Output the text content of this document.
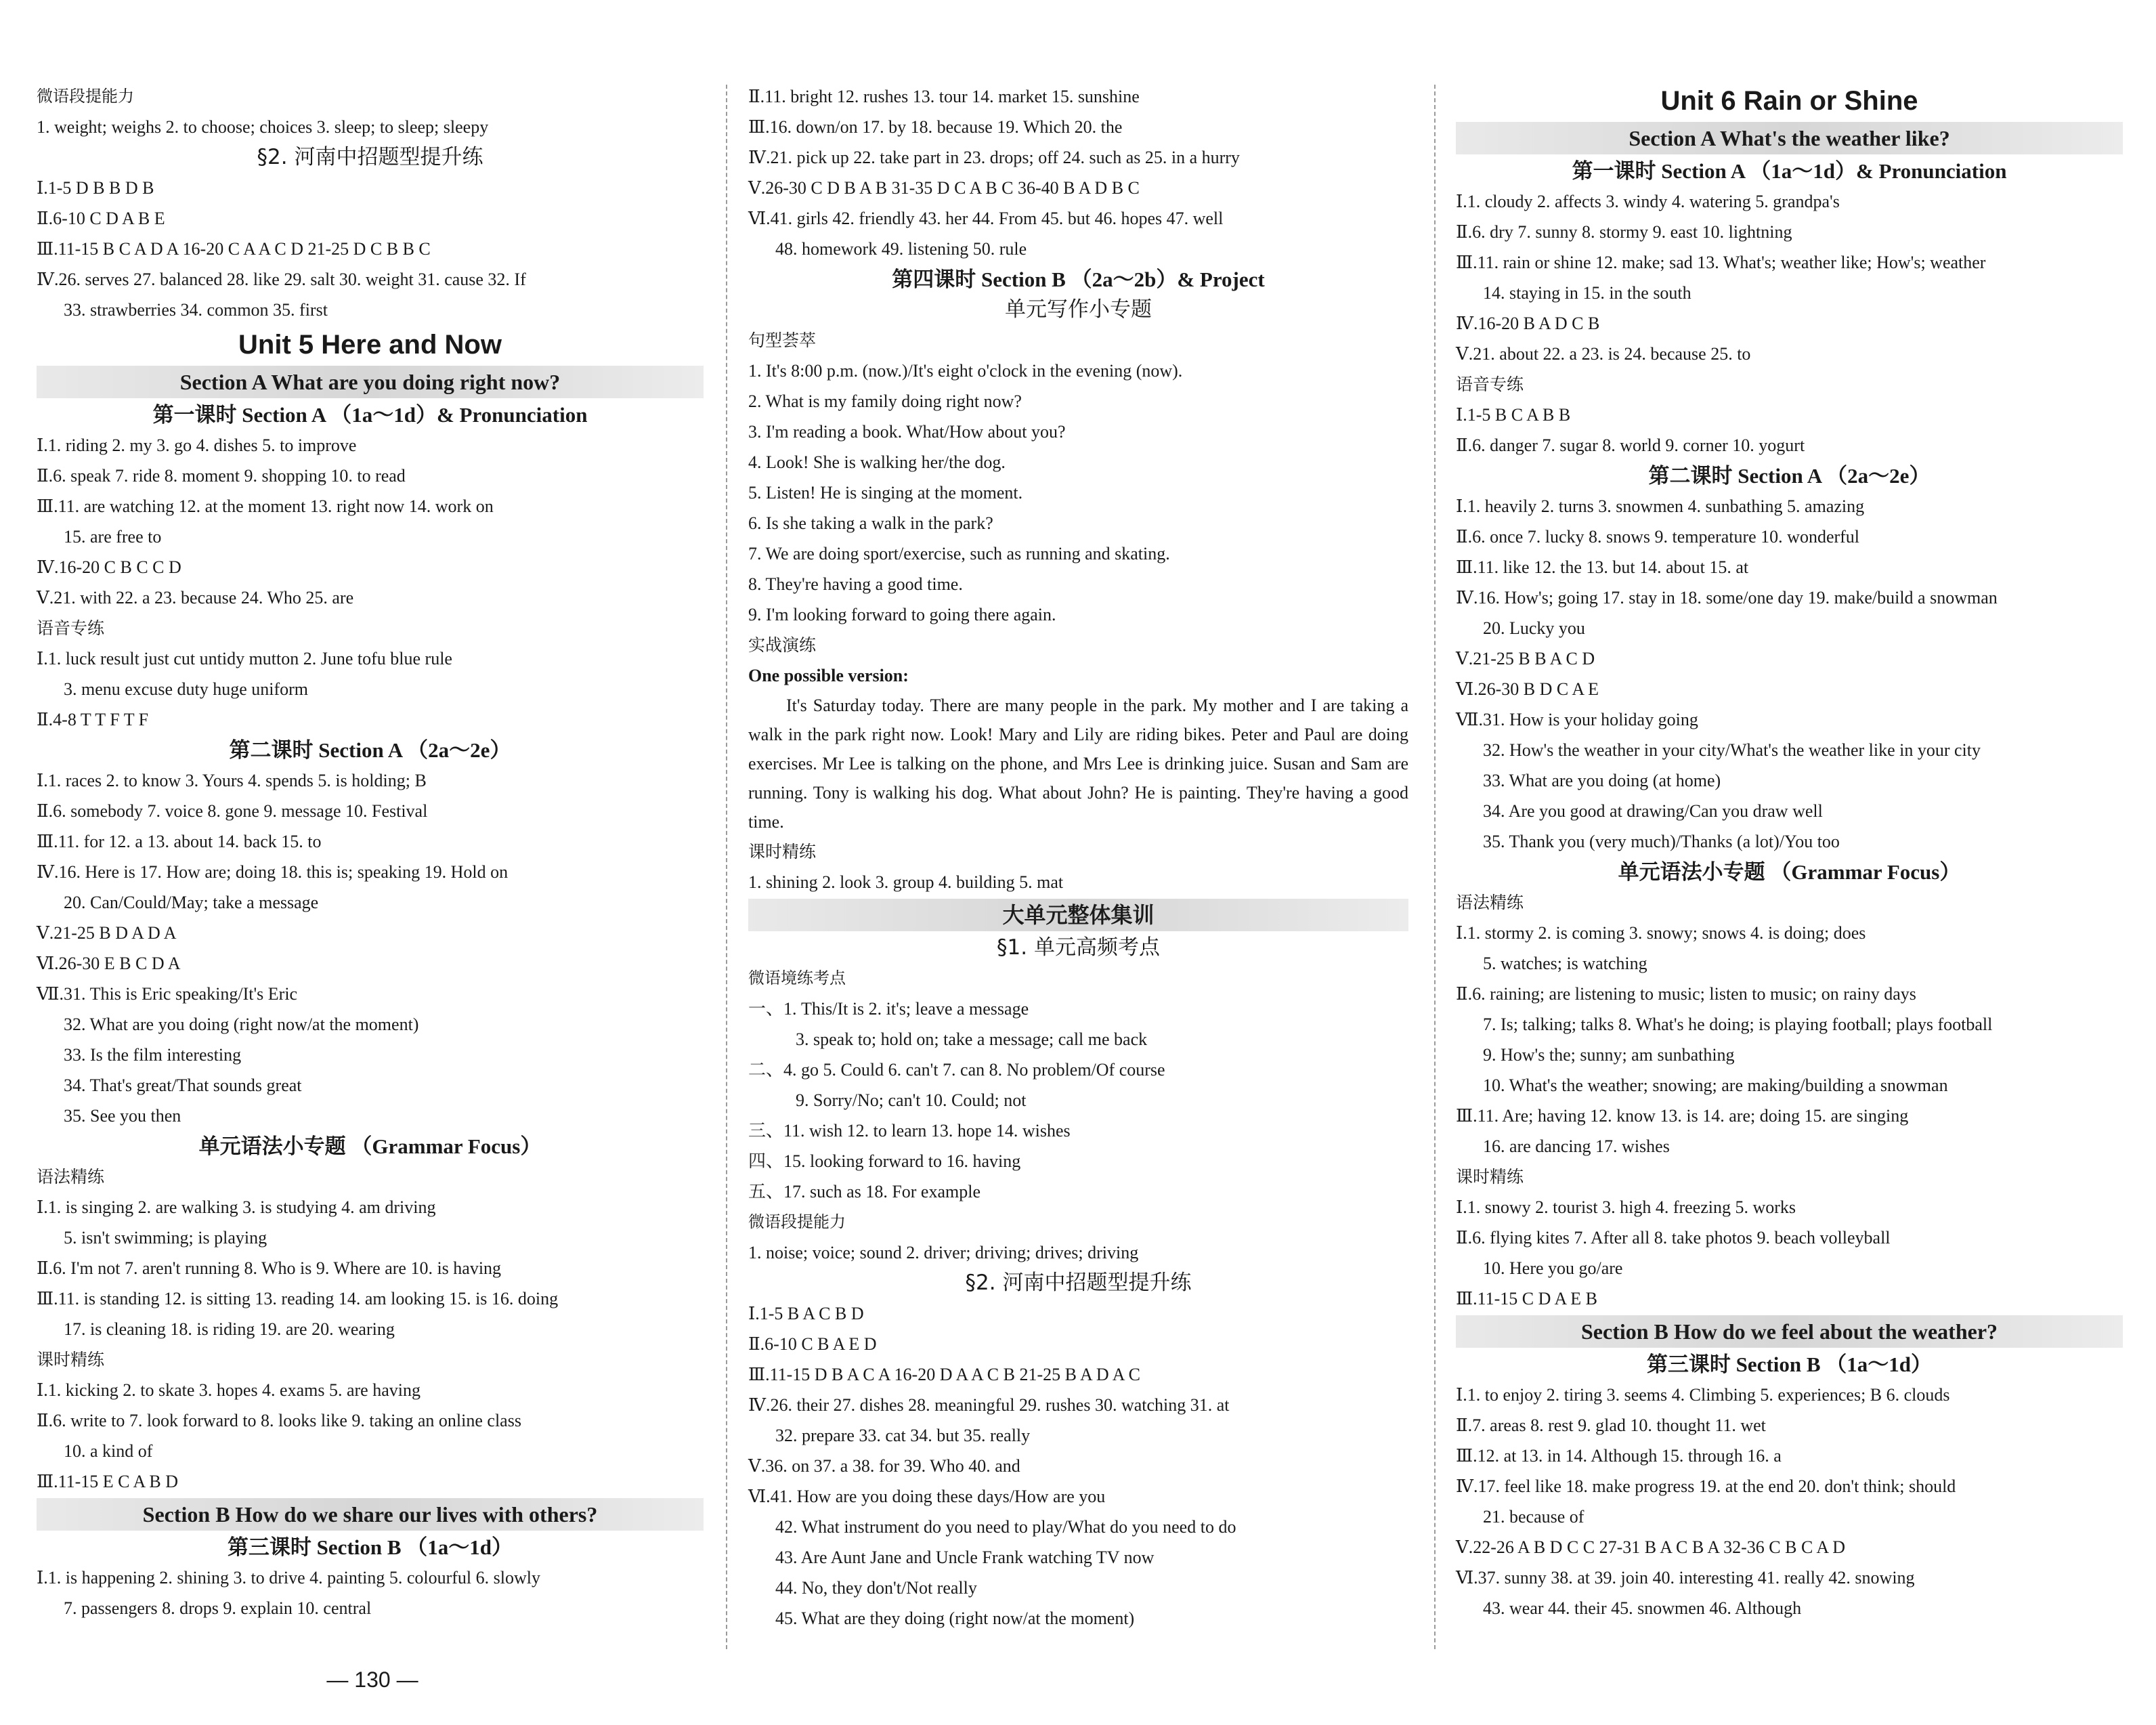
微语段提能力
1. weight; weighs 2. to choose; choices 3. sleep; to sleep; sleepy
§2. 河南中招题型提升练
Ⅰ.1-5 D B B D B
Ⅱ.6-10 C D A B E
Ⅲ.11-15 B C A D A 16-20 C A A C D 21-25 D C B B C
Ⅳ.26. serves 27. balanced 28. like 29. salt 30. weight 31. cause 32. If
33. strawberries 34. common 35. first
Unit 5 Here and Now
Section A What are you doing right now?
第一课时 Section A （1a～1d）& Pronunciation
Ⅰ.1. riding 2. my 3. go 4. dishes 5. to improve
Ⅱ.6. speak 7. ride 8. moment 9. shopping 10. to read
Ⅲ.11. are watching 12. at the moment 13. right now 14. work on
15. are free to
Ⅳ.16-20 C B C C D
Ⅴ.21. with 22. a 23. because 24. Who 25. are
语音专练
Ⅰ.1. luck result just cut untidy mutton 2. June tofu blue rule
3. menu excuse duty huge uniform
Ⅱ.4-8 T T F T F
第二课时 Section A （2a～2e）
Ⅰ.1. races 2. to know 3. Yours 4. spends 5. is holding; B
Ⅱ.6. somebody 7. voice 8. gone 9. message 10. Festival
Ⅲ.11. for 12. a 13. about 14. back 15. to
Ⅳ.16. Here is 17. How are; doing 18. this is; speaking 19. Hold on
20. Can/Could/May; take a message
Ⅴ.21-25 B D A D A
Ⅵ.26-30 E B C D A
Ⅶ.31. This is Eric speaking/It's Eric
32. What are you doing (right now/at the moment)
33. Is the film interesting
34. That's great/That sounds great
35. See you then
单元语法小专题 （Grammar Focus）
语法精练
Ⅰ.1. is singing 2. are walking 3. is studying 4. am driving
5. isn't swimming; is playing
Ⅱ.6. I'm not 7. aren't running 8. Who is 9. Where are 10. is having
Ⅲ.11. is standing 12. is sitting 13. reading 14. am looking 15. is 16. doing
17. is cleaning 18. is riding 19. are 20. wearing
课时精练
Ⅰ.1. kicking 2. to skate 3. hopes 4. exams 5. are having
Ⅱ.6. write to 7. look forward to 8. looks like 9. taking an online class
10. a kind of
Ⅲ.11-15 E C A B D
Section B How do we share our lives with others?
第三课时 Section B （1a～1d）
Ⅰ.1. is happening 2. shining 3. to drive 4. painting 5. colourful 6. slowly
7. passengers 8. drops 9. explain 10. central
Ⅱ.11. bright 12. rushes 13. tour 14. market 15. sunshine
Ⅲ.16. down/on 17. by 18. because 19. Which 20. the
Ⅳ.21. pick up 22. take part in 23. drops; off 24. such as 25. in a hurry
Ⅴ.26-30 C D B A B 31-35 D C A B C 36-40 B A D B C
Ⅵ.41. girls 42. friendly 43. her 44. From 45. but 46. hopes 47. well
48. homework 49. listening 50. rule
第四课时 Section B （2a～2b）& Project
单元写作小专题
句型荟萃
1. It's 8:00 p.m. (now.)/It's eight o'clock in the evening (now).
2. What is my family doing right now?
3. I'm reading a book. What/How about you?
4. Look! She is walking her/the dog.
5. Listen! He is singing at the moment.
6. Is she taking a walk in the park?
7. We are doing sport/exercise, such as running and skating.
8. They're having a good time.
9. I'm looking forward to going there again.
实战演练
One possible version:
It's Saturday today. There are many people in the park. My mother and I are taking a walk in the park right now. Look! Mary and Lily are riding bikes. Peter and Paul are doing exercises. Mr Lee is talking on the phone, and Mrs Lee is drinking juice. Susan and Sam are running. Tony is walking his dog. What about John? He is painting. They're having a good time.
课时精练
1. shining 2. look 3. group 4. building 5. mat
大单元整体集训
§1. 单元高频考点
微语境练考点
一、1. This/It is 2. it's; leave a message
3. speak to; hold on; take a message; call me back
二、4. go 5. Could 6. can't 7. can 8. No problem/Of course
9. Sorry/No; can't 10. Could; not
三、11. wish 12. to learn 13. hope 14. wishes
四、15. looking forward to 16. having
五、17. such as 18. For example
微语段提能力
1. noise; voice; sound 2. driver; driving; drives; driving
§2. 河南中招题型提升练
Ⅰ.1-5 B A C B D
Ⅱ.6-10 C B A E D
Ⅲ.11-15 D B A C A 16-20 D A A C B 21-25 B A D A C
Ⅳ.26. their 27. dishes 28. meaningful 29. rushes 30. watching 31. at
32. prepare 33. cat 34. but 35. really
Ⅴ.36. on 37. a 38. for 39. Who 40. and
Ⅵ.41. How are you doing these days/How are you
42. What instrument do you need to play/What do you need to do
43. Are Aunt Jane and Uncle Frank watching TV now
44. No, they don't/Not really
45. What are they doing (right now/at the moment)
Unit 6 Rain or Shine
Section A What's the weather like?
第一课时 Section A （1a～1d）& Pronunciation
Ⅰ.1. cloudy 2. affects 3. windy 4. watering 5. grandpa's
Ⅱ.6. dry 7. sunny 8. stormy 9. east 10. lightning
Ⅲ.11. rain or shine 12. make; sad 13. What's; weather like; How's; weather
14. staying in 15. in the south
Ⅳ.16-20 B A D C B
Ⅴ.21. about 22. a 23. is 24. because 25. to
语音专练
Ⅰ.1-5 B C A B B
Ⅱ.6. danger 7. sugar 8. world 9. corner 10. yogurt
第二课时 Section A （2a～2e）
Ⅰ.1. heavily 2. turns 3. snowmen 4. sunbathing 5. amazing
Ⅱ.6. once 7. lucky 8. snows 9. temperature 10. wonderful
Ⅲ.11. like 12. the 13. but 14. about 15. at
Ⅳ.16. How's; going 17. stay in 18. some/one day 19. make/build a snowman
20. Lucky you
Ⅴ.21-25 B B A C D
Ⅵ.26-30 B D C A E
Ⅶ.31. How is your holiday going
32. How's the weather in your city/What's the weather like in your city
33. What are you doing (at home)
34. Are you good at drawing/Can you draw well
35. Thank you (very much)/Thanks (a lot)/You too
单元语法小专题 （Grammar Focus）
语法精练
Ⅰ.1. stormy 2. is coming 3. snowy; snows 4. is doing; does
5. watches; is watching
Ⅱ.6. raining; are listening to music; listen to music; on rainy days
7. Is; talking; talks 8. What's he doing; is playing football; plays football
9. How's the; sunny; am sunbathing
10. What's the weather; snowing; are making/building a snowman
Ⅲ.11. Are; having 12. know 13. is 14. are; doing 15. are singing
16. are dancing 17. wishes
课时精练
Ⅰ.1. snowy 2. tourist 3. high 4. freezing 5. works
Ⅱ.6. flying kites 7. After all 8. take photos 9. beach volleyball
10. Here you go/are
Ⅲ.11-15 C D A E B
Section B How do we feel about the weather?
第三课时 Section B （1a～1d）
Ⅰ.1. to enjoy 2. tiring 3. seems 4. Climbing 5. experiences; B 6. clouds
Ⅱ.7. areas 8. rest 9. glad 10. thought 11. wet
Ⅲ.12. at 13. in 14. Although 15. through 16. a
Ⅳ.17. feel like 18. make progress 19. at the end 20. don't think; should
21. because of
Ⅴ.22-26 A B D C C 27-31 B A C B A 32-36 C B C A D
Ⅵ.37. sunny 38. at 39. join 40. interesting 41. really 42. snowing
43. wear 44. their 45. snowmen 46. Although
— 130 —
